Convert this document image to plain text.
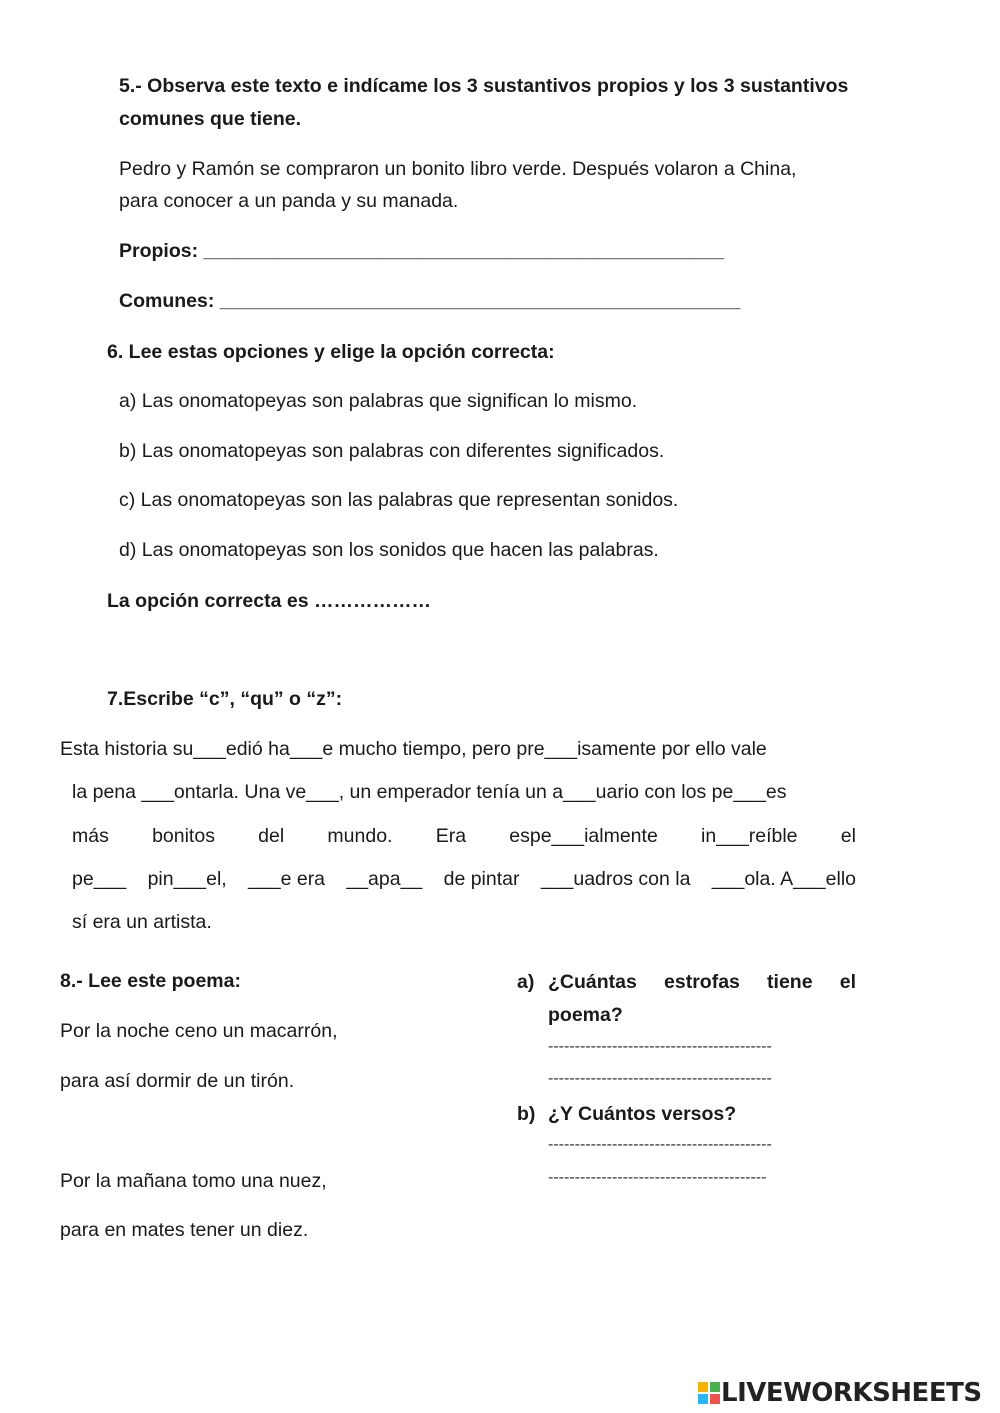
5.- Observa este texto e indícame los 3 sustantivos propios y los 3 sustantivos
comunes que tiene.
Pedro y Ramón se compraron un bonito libro verde. Después volaron a China,
para conocer a un panda y su manada.
Propios: ________________________________________________
Comunes: ________________________________________________
6. Lee estas opciones y elige la opción correcta:
a) Las onomatopeyas son palabras que significan lo mismo.
b) Las onomatopeyas son palabras con diferentes significados.
c) Las onomatopeyas son las palabras que representan sonidos.
d) Las onomatopeyas son los sonidos que hacen las palabras.
La opción correcta es ………………
7.Escribe “c”, “qu” o “z”:
Esta historia su___edió ha___e mucho tiempo, pero pre___isamente por ello vale
la pena ___ontarla. Una ve___, un emperador tenía un a___uario con los pe___es
más bonitos del mundo. Era espe___ialmente in___reíble el
pe___ pin___el, ___e era __apa__ de pintar ___uadros con la ___ola. A___ello
sí era un artista.
8.- Lee este poema:
Por la noche ceno un macarrón,
para así dormir de un tirón.
Por la mañana tomo una nuez,
para en mates tener un diez.
a) ¿Cuántas estrofas tiene el
poema?
------------------------------------------
------------------------------------------
b) ¿Y Cuántos versos?
------------------------------------------
-----------------------------------------
LIVEWORKSHEETS
